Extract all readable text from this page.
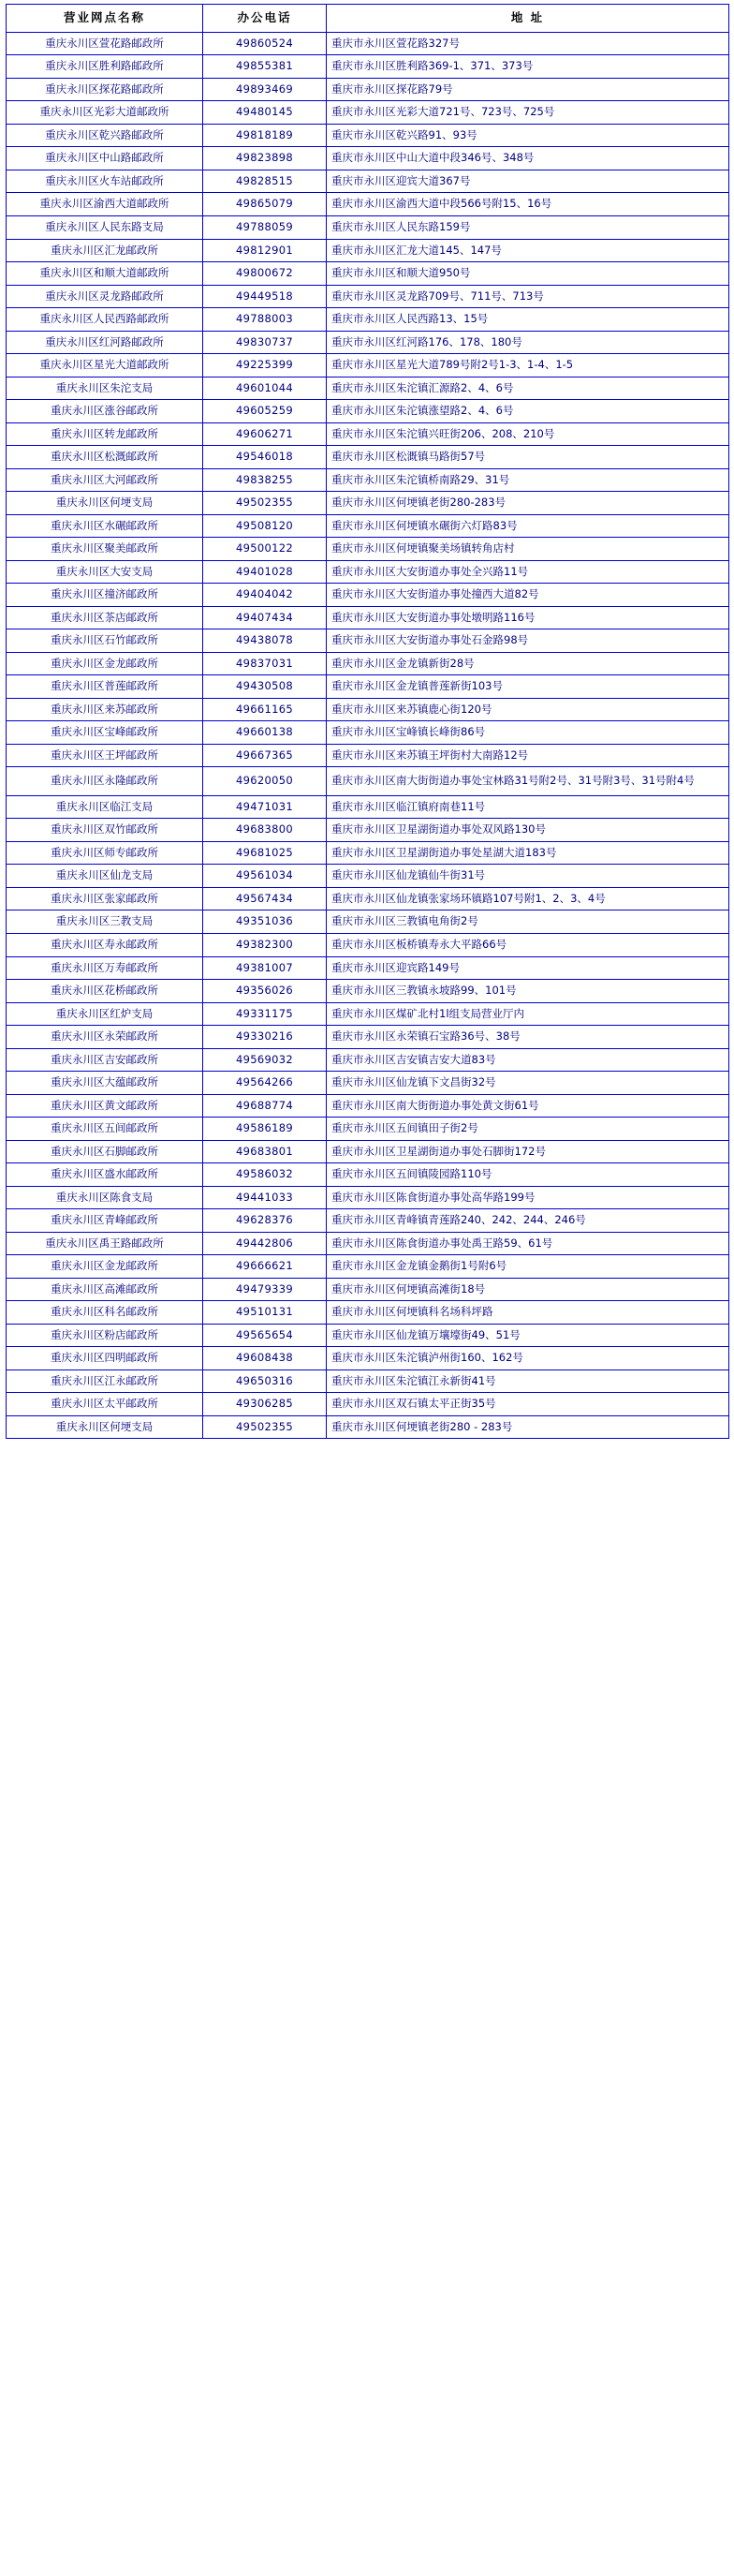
营业网点名称	办公电话	地 址
重庆永川区萱花路邮政所	49860524	重庆市永川区萱花路327号
重庆永川区胜利路邮政所	49855381	重庆市永川区胜利路369-1、371、373号
重庆永川区探花路邮政所	49893469	重庆市永川区探花路79号
重庆永川区光彩大道邮政所	49480145	重庆市永川区光彩大道721号、723号、725号
重庆永川区乾兴路邮政所	49818189	重庆市永川区乾兴路91、93号
重庆永川区中山路邮政所	49823898	重庆市永川区中山大道中段346号、348号
重庆永川区火车站邮政所	49828515	重庆市永川区迎宾大道367号
重庆永川区渝西大道邮政所	49865079	重庆市永川区渝西大道中段566号附15、16号
重庆永川区人民东路支局	49788059	重庆市永川区人民东路159号
重庆永川区汇龙邮政所	49812901	重庆市永川区汇龙大道145、147号
重庆永川区和顺大道邮政所	49800672	重庆市永川区和顺大道950号
重庆永川区灵龙路邮政所	49449518	重庆市永川区灵龙路709号、711号、713号
重庆永川区人民西路邮政所	49788003	重庆市永川区人民西路13、15号
重庆永川区红河路邮政所	49830737	重庆市永川区红河路176、178、180号
重庆永川区星光大道邮政所	49225399	重庆市永川区星光大道789号附2号1-3、1-4、1-5
重庆永川区朱沱支局	49601044	重庆市永川区朱沱镇汇源路2、4、6号
重庆永川区涨谷邮政所	49605259	重庆市永川区朱沱镇涨望路2、4、6号
重庆永川区转龙邮政所	49606271	重庆市永川区朱沱镇兴旺街206、208、210号
重庆永川区松溉邮政所	49546018	重庆市永川区松溉镇马路街57号
重庆永川区大河邮政所	49838255	重庆市永川区朱沱镇桥南路29、31号
重庆永川区何埂支局	49502355	重庆市永川区何埂镇老街280-283号
重庆永川区水碾邮政所	49508120	重庆市永川区何埂镇水碾街六灯路83号
重庆永川区聚美邮政所	49500122	重庆市永川区何埂镇聚美场镇转角店村
重庆永川区大安支局	49401028	重庆市永川区大安街道办事处全兴路11号
重庆永川区撞济邮政所	49404042	重庆市永川区大安街道办事处撞西大道82号
重庆永川区茶店邮政所	49407434	重庆市永川区大安街道办事处墩明路116号
重庆永川区石竹邮政所	49438078	重庆市永川区大安街道办事处石金路98号
重庆永川区金龙邮政所	49837031	重庆市永川区金龙镇新街28号
重庆永川区普莲邮政所	49430508	重庆市永川区金龙镇普莲新街103号
重庆永川区来苏邮政所	49661165	重庆市永川区来苏镇鹿心街120号
重庆永川区宝峰邮政所	49660138	重庆市永川区宝峰镇长峰街86号
重庆永川区王坪邮政所	49667365	重庆市永川区来苏镇王坪街村大南路12号
重庆永川区永隆邮政所	49620050	重庆市永川区南大街街道办事处宝林路31号附2号、31号附3号、31号附4号
重庆永川区临江支局	49471031	重庆市永川区临江镇府南巷11号
重庆永川区双竹邮政所	49683800	重庆市永川区卫星湖街道办事处双风路130号
重庆永川区师专邮政所	49681025	重庆市永川区卫星湖街道办事处星湖大道183号
重庆永川区仙龙支局	49561034	重庆市永川区仙龙镇仙牛街31号
重庆永川区张家邮政所	49567434	重庆市永川区仙龙镇张家场环镇路107号附1、2、3、4号
重庆永川区三教支局	49351036	重庆市永川区三教镇电角街2号
重庆永川区寿永邮政所	49382300	重庆市永川区板桥镇寿永大平路66号
重庆永川区万寿邮政所	49381007	重庆市永川区迎宾路149号
重庆永川区花桥邮政所	49356026	重庆市永川区三教镇永坡路99、101号
重庆永川区红炉支局	49331175	重庆市永川区煤矿北村1l组支局营业厅内
重庆永川区永荣邮政所	49330216	重庆市永川区永荣镇石宝路36号、38号
重庆永川区吉安邮政所	49569032	重庆市永川区吉安镇吉安大道83号
重庆永川区大蕴邮政所	49564266	重庆市永川区仙龙镇下文昌街32号
重庆永川区黄文邮政所	49688774	重庆市永川区南大街街道办事处黄文街61号
重庆永川区五间邮政所	49586189	重庆市永川区五间镇田子街2号
重庆永川区石脚邮政所	49683801	重庆市永川区卫星湖街道办事处石脚街172号
重庆永川区盛水邮政所	49586032	重庆市永川区五间镇陵园路110号
重庆永川区陈食支局	49441033	重庆市永川区陈食街道办事处高华路199号
重庆永川区青峰邮政所	49628376	重庆市永川区青峰镇青莲路240、242、244、246号
重庆永川区禹王路邮政所	49442806	重庆市永川区陈食街道办事处禹王路59、61号
重庆永川区金龙邮政所	49666621	重庆市永川区金龙镇金鹅街1号附6号
重庆永川区高滩邮政所	49479339	重庆市永川区何埂镇高滩街18号
重庆永川区科名邮政所	49510131	重庆市永川区何埂镇科名场科坪路
重庆永川区粉店邮政所	49565654	重庆市永川区仙龙镇万壤壕街49、51号
重庆永川区四明邮政所	49608438	重庆市永川区朱沱镇泸州街160、162号
重庆永川区江永邮政所	49650316	重庆市永川区朱沱镇江永新街41号
重庆永川区太平邮政所	49306285	重庆市永川区双石镇太平正街35号
重庆永川区何埂支局	49502355	重庆市永川区何埂镇老街280 - 283号
